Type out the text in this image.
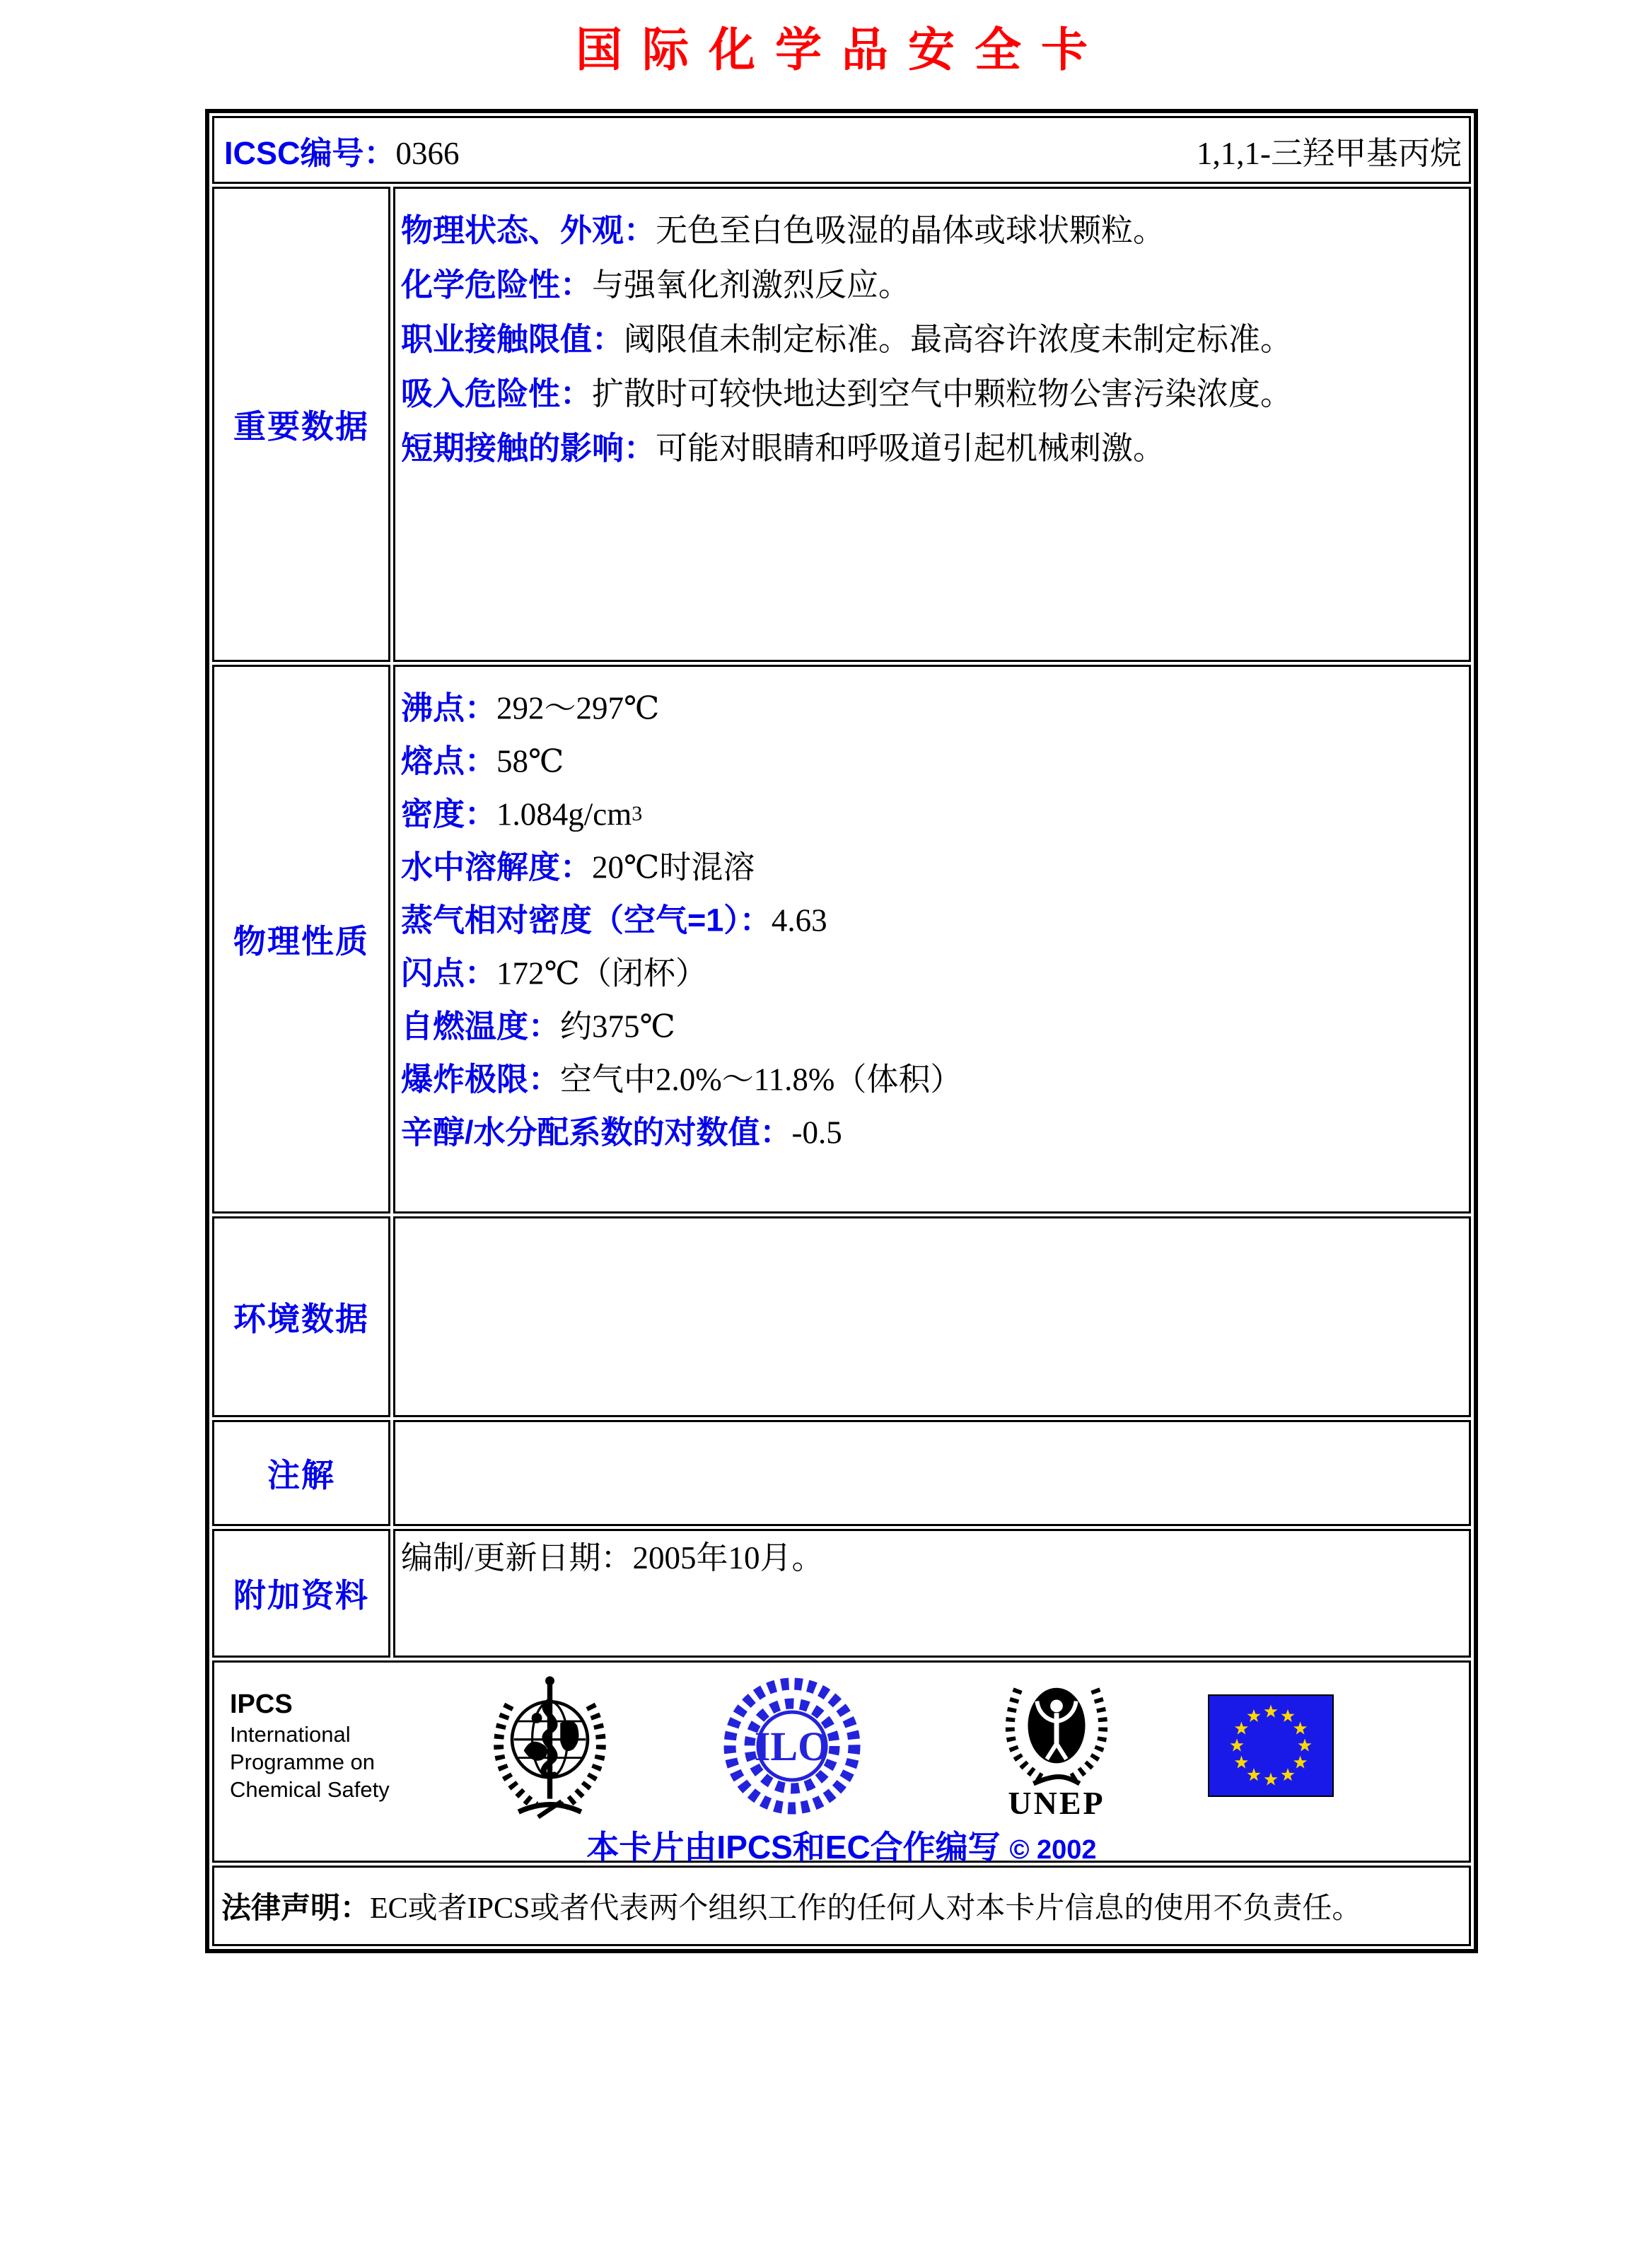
国际化学品安全卡
ICSC编号：0366	1,1,1-三羟甲基丙烷
重要数据
物理状态、外观：无色至白色吸湿的晶体或球状颗粒。
化学危险性：与强氧化剂激烈反应。
职业接触限值：阈限值未制定标准。最高容许浓度未制定标准。
吸入危险性：扩散时可较快地达到空气中颗粒物公害污染浓度。
短期接触的影响：可能对眼睛和呼吸道引起机械刺激。
物理性质
沸点：292～297℃
熔点：58℃
密度：1.084g/cm3
水中溶解度：20℃时混溶
蒸气相对密度（空气=1）：4.63
闪点：172℃（闭杯）
自燃温度：约375℃
爆炸极限：空气中2.0%～11.8%（体积）
辛醇/水分配系数的对数值：-0.5
环境数据
注解
附加资料
编制/更新日期：2005年10月。
IPCS
International
Programme on
Chemical Safety
ILO
UNEP
本卡片由IPCS和EC合作编写 © 2002
法律声明： EC或者IPCS或者代表两个组织工作的任何人对本卡片信息的使用不负责任。
